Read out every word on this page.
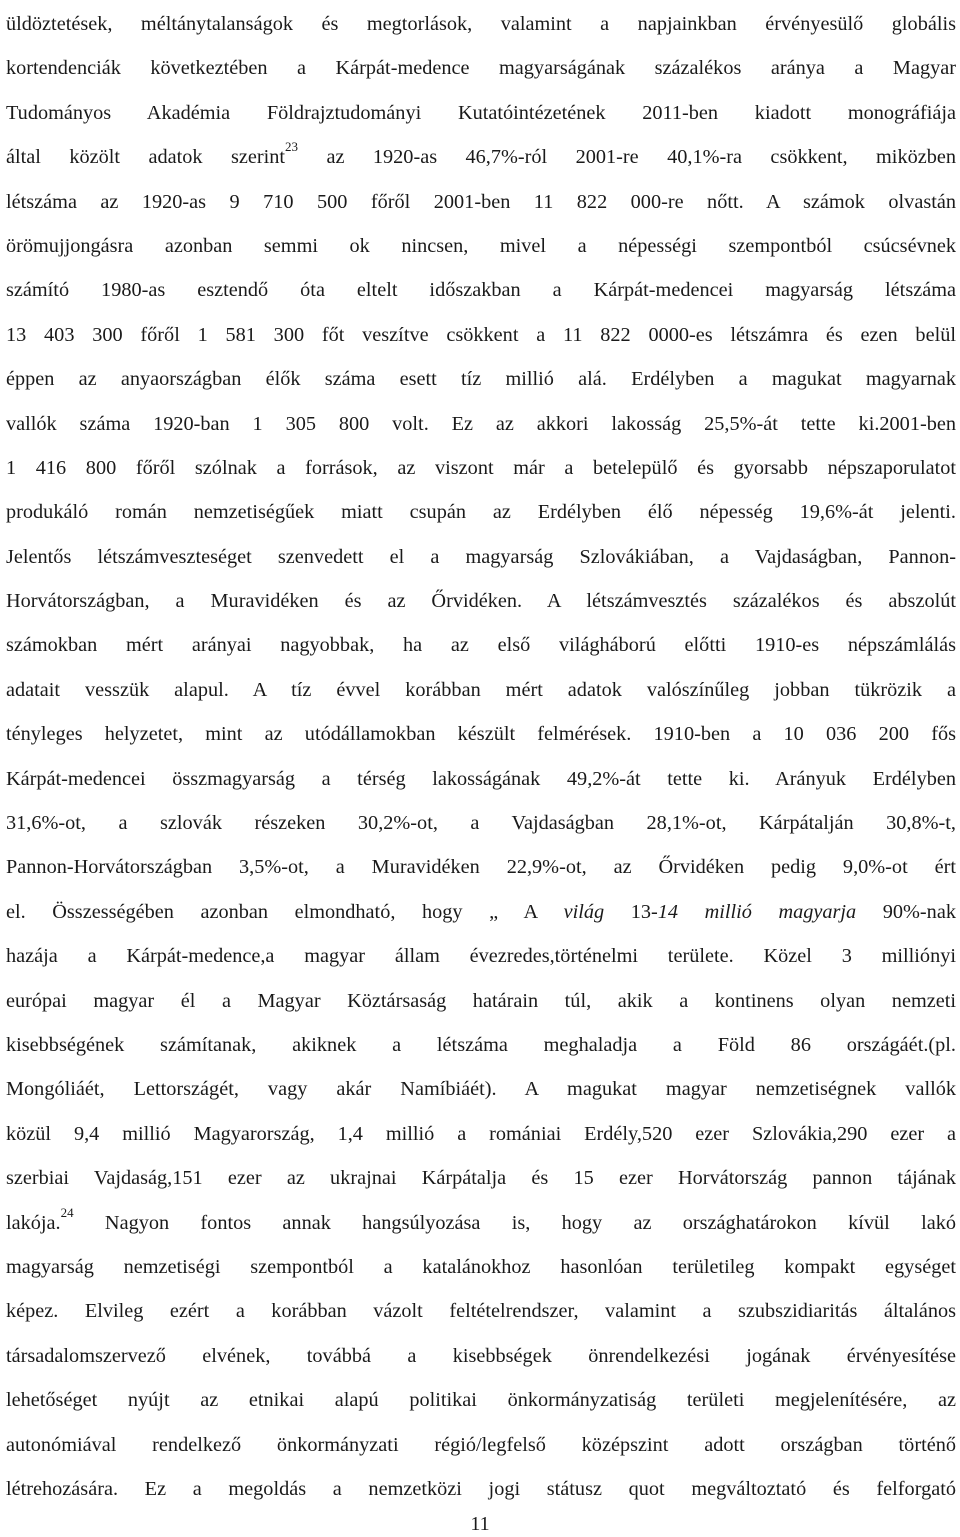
üldöztetések, méltánytalanságok és megtorlások, valamint a napjainkban érvényesülő globális
kortendenciák következtében a Kárpát-medence magyarságának százalékos aránya a Magyar
Tudományos Akadémia Földrajztudományi Kutatóintézetének 2011-ben kiadott monográfiája
által közölt adatok szerint$^{23}$ az 1920-as 46,7%-ról 2001-re 40,1%-ra csökkent, miközben
létszáma az 1920-as 9 710 500 főről 2001-ben 11 822 000-re nőtt. A számok olvastán
örömujjongásra azonban semmi ok nincsen, mivel a népességi szempontból csúcsévnek
számító 1980-as esztendő óta eltelt időszakban a Kárpát-medencei magyarság létszáma
13 403 300 főről 1 581 300 főt veszítve csökkent a 11 822 0000-es létszámra és ezen belül
éppen az anyaországban élők száma esett tíz millió alá. Erdélyben a magukat magyarnak
vallók száma 1920-ban 1 305 800 volt. Ez az akkori lakosság 25,5%-át tette ki.2001-ben
1 416 800 főről szólnak a források, az viszont már a betelepülő és gyorsabb népszaporulatot
produkáló román nemzetiségűek miatt csupán az Erdélyben élő népesség 19,6%-át jelenti.
Jelentős létszámveszteséget szenvedett el a magyarság Szlovákiában, a Vajdaságban, Pannon-
Horvátországban, a Muravidéken és az Őrvidéken. A létszámvesztés százalékos és abszolút
számokban mért arányai nagyobbak, ha az első világháború előtti 1910-es népszámlálás
adatait vesszük alapul. A tíz évvel korábban mért adatok valószínűleg jobban tükrözik a
tényleges helyzetet, mint az utódállamokban készült felmérések. 1910-ben a 10 036 200 fős
Kárpát-medencei összmagyarság a térség lakosságának 49,2%-át tette ki. Arányuk Erdélyben
31,6%-ot, a szlovák részeken 30,2%-ot, a Vajdaságban 28,1%-ot, Kárpátalján 30,8%-t,
Pannon-Horvátországban 3,5%-ot, a Muravidéken 22,9%-ot, az Őrvidéken pedig 9,0%-ot ért
el. Összességében azonban elmondható, hogy „ A világ 13-14 millió magyarja 90%-nak
hazája a Kárpát-medence,a magyar állam évezredes,történelmi területe. Közel 3 milliónyi
európai magyar él a Magyar Köztársaság határain túl, akik a kontinens olyan nemzeti
kisebbségének számítanak, akiknek a létszáma meghaladja a Föld 86 országáét.(pl.
Mongóliáét, Lettországét, vagy akár Namíbiáét). A magukat magyar nemzetiségnek vallók
közül 9,4 millió Magyarország, 1,4 millió a romániai Erdély,520 ezer Szlovákia,290 ezer a
szerbiai Vajdaság,151 ezer az ukrajnai Kárpátalja és 15 ezer Horvátország pannon tájának
lakója.$^{24}$ Nagyon fontos annak hangsúlyozása is, hogy az országhatárokon kívül lakó
magyarság nemzetiségi szempontból a katalánokhoz hasonlóan területileg kompakt egységet
képez. Elvileg ezért a korábban vázolt feltételrendszer, valamint a szubszidiaritás általános
társadalomszervező elvének, továbbá a kisebbségek önrendelkezési jogának érvényesítése
lehetőséget nyújt az etnikai alapú politikai önkormányzatiság területi megjelenítésére, az
autonómiával rendelkező önkormányzati régió/legfelső középszint adott országban történő
létrehozására. Ez a megoldás a nemzetközi jogi státusz quot megváltoztató és felforgató
11
